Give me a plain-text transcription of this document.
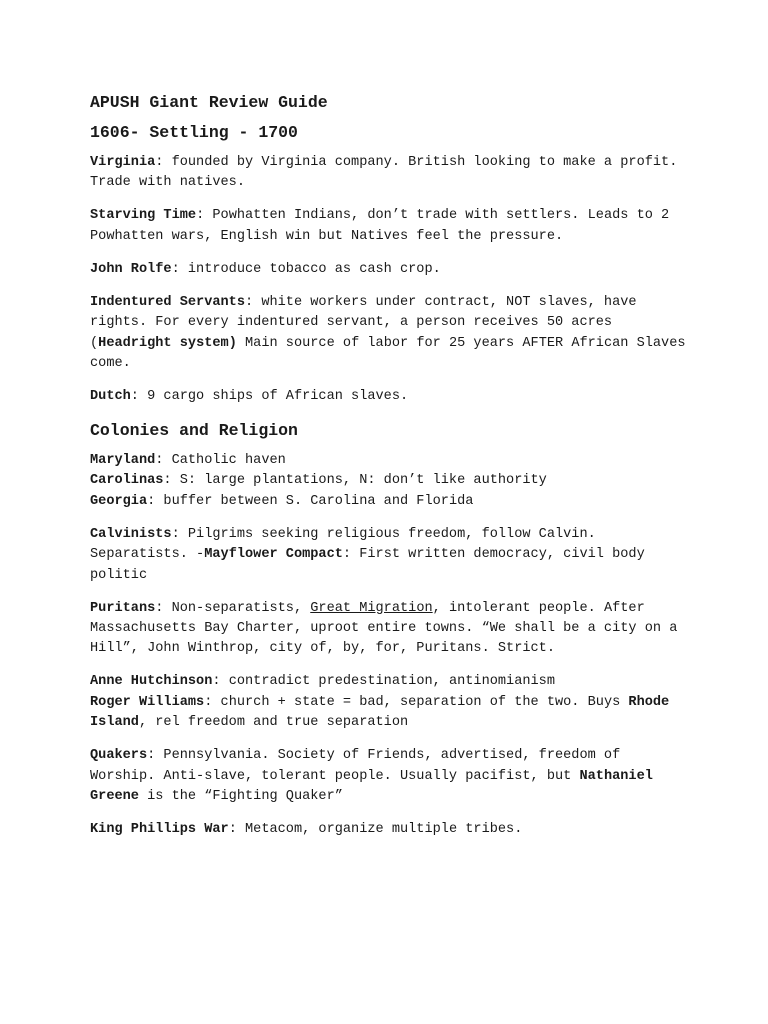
APUSH Giant Review Guide
1606- Settling - 1700
Virginia: founded by Virginia company. British looking to make a profit. Trade with natives.
Starving Time: Powhatten Indians, don’t trade with settlers. Leads to 2 Powhatten wars, English win but Natives feel the pressure.
John Rolfe: introduce tobacco as cash crop.
Indentured Servants: white workers under contract, NOT slaves, have rights. For every indentured servant, a person receives 50 acres (Headright system) Main source of labor for 25 years AFTER African Slaves come.
Dutch: 9 cargo ships of African slaves.
Colonies and Religion
Maryland: Catholic haven
Carolinas: S: large plantations, N: don’t like authority
Georgia: buffer between S. Carolina and Florida
Calvinists: Pilgrims seeking religious freedom, follow Calvin. Separatists. -Mayflower Compact: First written democracy, civil body politic
Puritans: Non-separatists, Great Migration, intolerant people. After Massachusetts Bay Charter, uproot entire towns. “We shall be a city on a Hill”, John Winthrop, city of, by, for, Puritans. Strict.
Anne Hutchinson: contradict predestination, antinomianism
Roger Williams: church + state = bad, separation of the two. Buys Rhode Island, rel freedom and true separation
Quakers: Pennsylvania. Society of Friends, advertised, freedom of Worship. Anti-slave, tolerant people. Usually pacifist, but Nathaniel Greene is the “Fighting Quaker”
King Phillips War: Metacom, organize multiple tribes.
